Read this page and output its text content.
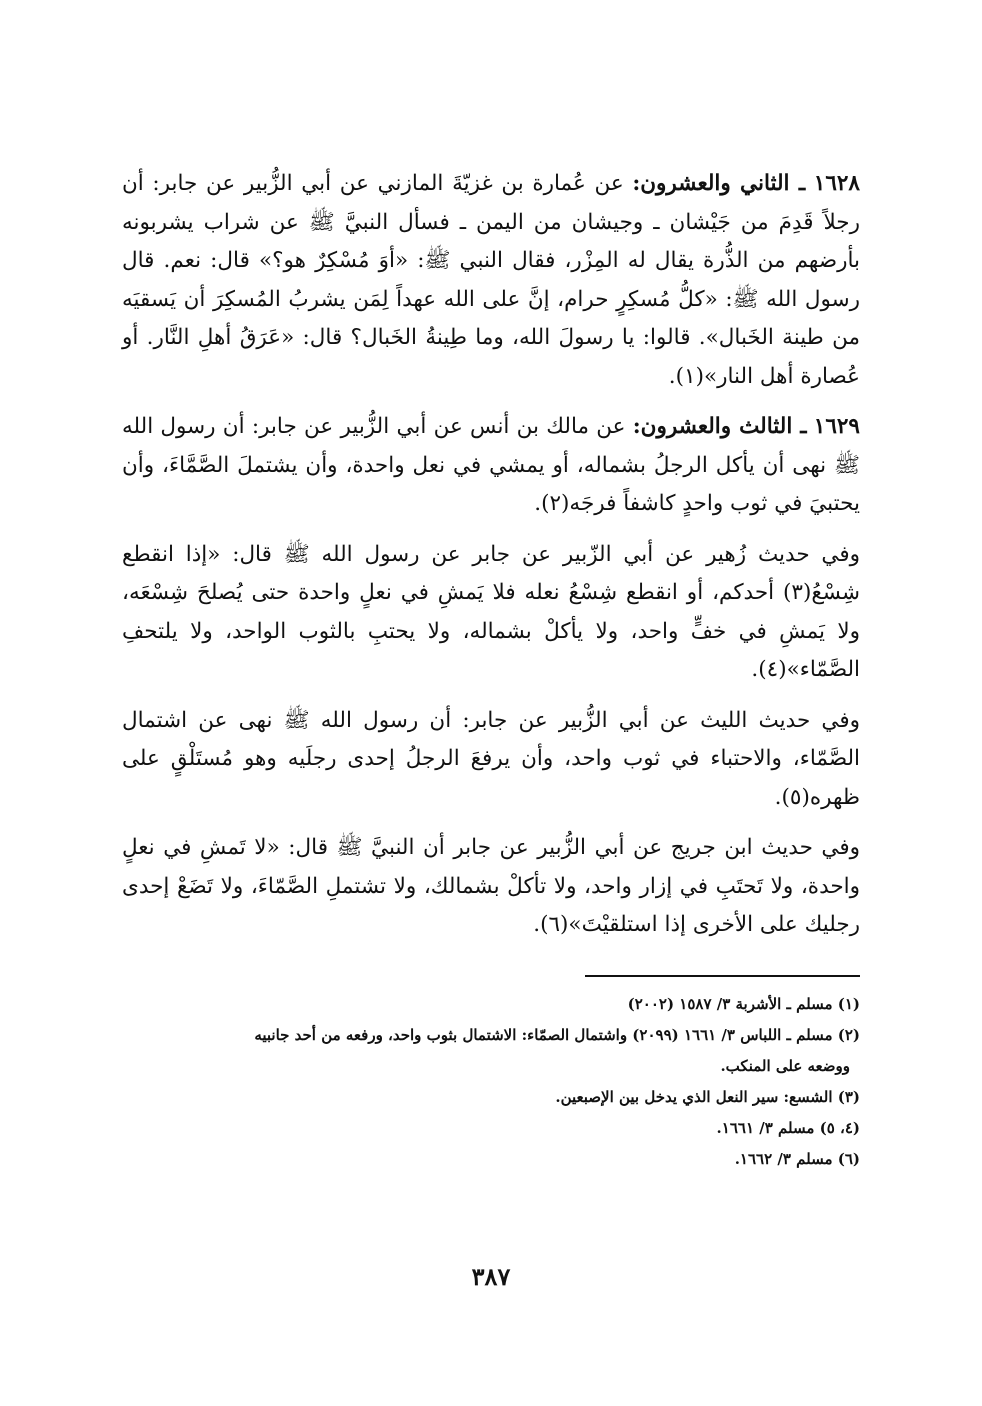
١٦٢٨ ـ الثاني والعشرون: عن عُمارة بن غزيّةَ المازني عن أبي الزُّبير عن جابر: أن رجلاً قَدِمَ من جَيْشان ـ وجيشان من اليمن ـ فسأل النبيَّ ﷺ عن شراب يشربونه بأرضهم من الذُّرة يقال له المِزْر، فقال النبي ﷺ: «أوَ مُسْكِرٌ هو؟» قال: نعم. قال رسول الله ﷺ: «كلُّ مُسكِرٍ حرام، إنَّ على الله عهداً لِمَن يشربُ المُسكِرَ أن يَسقيَه من طينة الخَبال». قالوا: يا رسولَ الله، وما طِينةُ الخَبال؟ قال: «عَرَقُ أهلِ النَّار. أو عُصارة أهل النار»(١).

١٦٢٩ ـ الثالث والعشرون: عن مالك بن أنس عن أبي الزُّبير عن جابر: أن رسول الله ﷺ نهى أن يأكل الرجلُ بشماله، أو يمشي في نعل واحدة، وأن يشتملَ الصَّمَّاءَ، وأن يحتبيَ في ثوب واحدٍ كاشفاً فرجَه(٢).

وفي حديث زُهير عن أبي الزّبير عن جابر عن رسول الله ﷺ قال: «إذا انقطع شِسْعُ(٣) أحدكم، أو انقطع شِسْعُ نعله فلا يَمشِ في نعلٍ واحدة حتى يُصلحَ شِسْعَه، ولا يَمشِ في خفٍّ واحد، ولا يأكلْ بشماله، ولا يحتبِ بالثوب الواحد، ولا يلتحفِ الصَّمّاء»(٤).

وفي حديث الليث عن أبي الزُّبير عن جابر: أن رسول الله ﷺ نهى عن اشتمال الصَّمّاء، والاحتباء في ثوب واحد، وأن يرفعَ الرجلُ إحدى رجلَيه وهو مُستَلْقٍ على ظهره(٥).

وفي حديث ابن جريج عن أبي الزُّبير عن جابر أن النبيَّ ﷺ قال: «لا تَمشِ في نعلٍ واحدة، ولا تَحتَبِ في إزار واحد، ولا تأكلْ بشمالك، ولا تشتملِ الصَّمّاءَ، ولا تَضَعْ إحدى رجليك على الأخرى إذا استلقيْتَ»(٦).

(١) مسلم ـ الأشربة ٣/ ١٥٨٧ (٢٠٠٢)

(٢) مسلم ـ اللباس ٣/ ١٦٦١ (٢٠٩٩) واشتمال الصمّاء: الاشتمال بثوب واحد، ورفعه من أحد جانبيه
ووضعه على المنكب.

(٣) الشسع: سير النعل الذي يدخل بين الإصبعين.

(٤، ٥) مسلم ٣/ ١٦٦١.

(٦) مسلم ٣/ ١٦٦٢.

٣٨٧
